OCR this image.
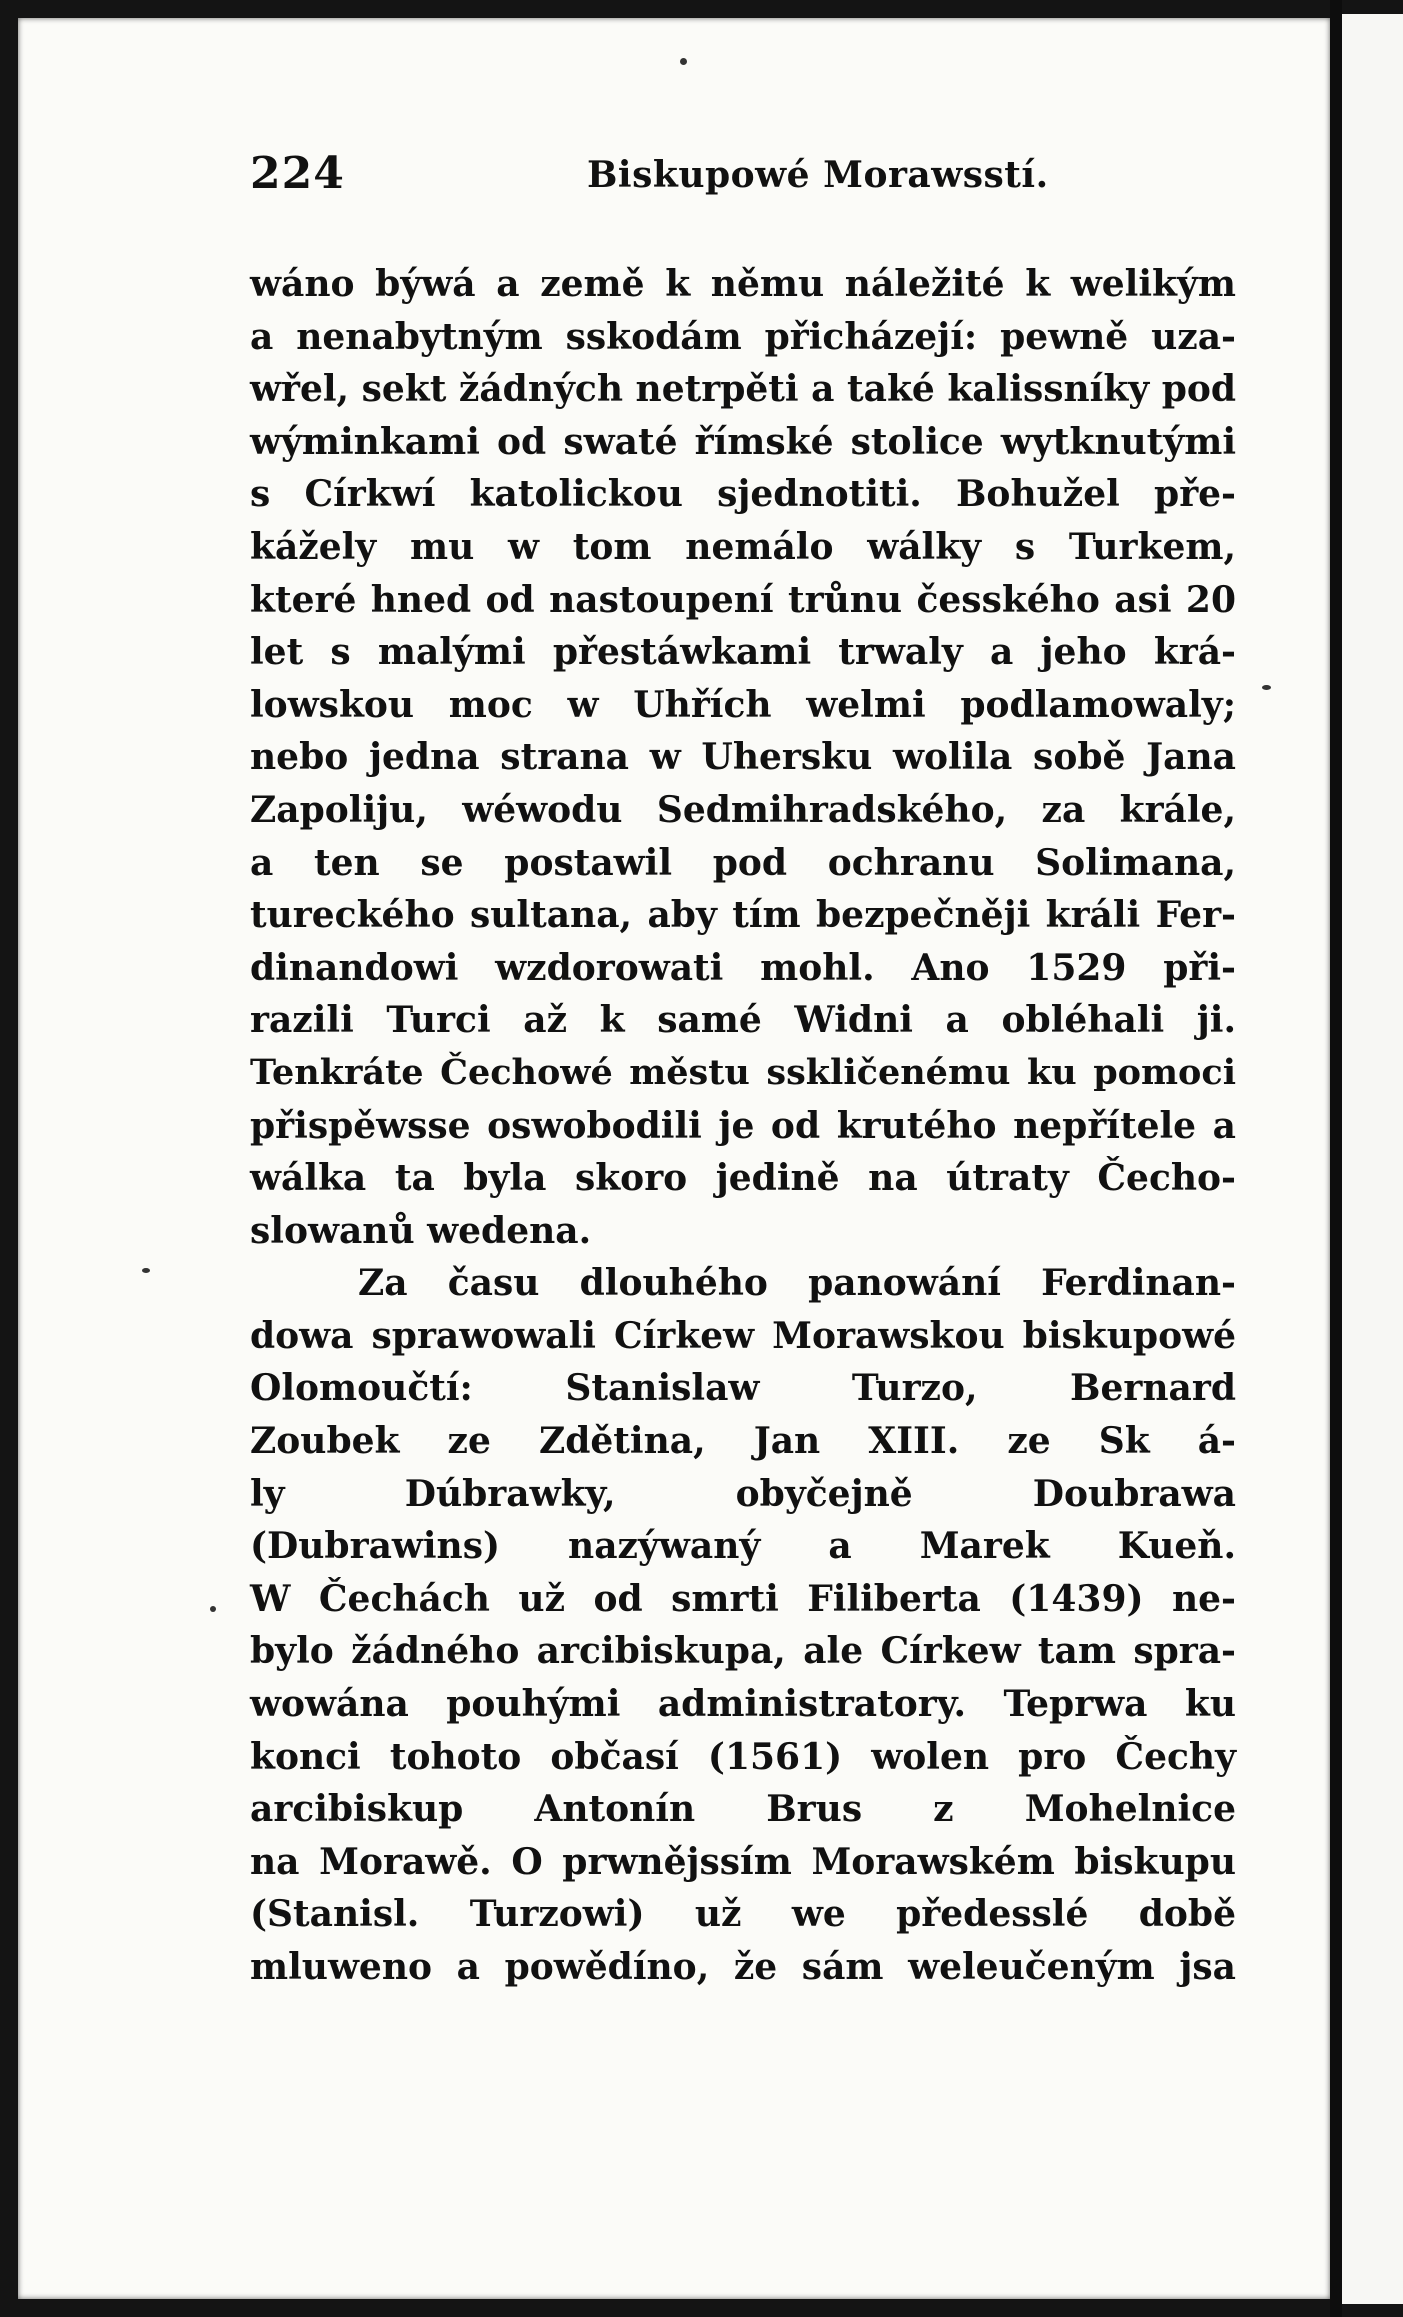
224	Biskupowé Morawsstí.
wáno býwá a země k němu náležité k welikým
a nenabytným sskodám přicházejí: pewně uza-
wřel, sekt žádných netrpěti a také kalissníky pod
wýminkami od swaté římské stolice wytknutými
s Církwí katolickou sjednotiti. Bohužel pře-
kážely mu w tom nemálo wálky s Turkem,
které hned od nastoupení trůnu česského asi 20
let s malými přestáwkami trwaly a jeho krá-
lowskou moc w Uhřích welmi podlamowaly;
nebo jedna strana w Uhersku wolila sobě Jana
Zapoliju, wéwodu Sedmihradského, za krále,
a ten se postawil pod ochranu Solimana,
tureckého sultana, aby tím bezpečněji králi Fer-
dinandowi wzdorowati mohl. Ano 1529 při-
razili Turci až k samé Widni a obléhali ji.
Tenkráte Čechowé městu sskličenému ku pomoci
přispěwsse oswobodili je od krutého nepřítele a
wálka ta byla skoro jedině na útraty Čecho-
slowanů wedena.
Za času dlouhého panowání Ferdinan-
dowa sprawowali Církew Morawskou biskupowé
Olomoučtí: Stanislaw Turzo, Bernard
Zoubek ze Zdětina, Jan XIII. ze Sk á-
ly Dúbrawky, obyčejně Doubrawa
(Dubrawins) nazýwaný a Marek Kueň.
W Čechách už od smrti Filiberta (1439) ne-
bylo žádného arcibiskupa, ale Církew tam spra-
wowána pouhými administratory. Teprwa ku
konci tohoto občasí (1561) wolen pro Čechy
arcibiskup Antonín Brus z Mohelnice
na Morawě. O prwnějssím Morawském biskupu
(Stanisl. Turzowi) už we předesslé době
mluweno a powědíno, že sám weleučeným jsa
